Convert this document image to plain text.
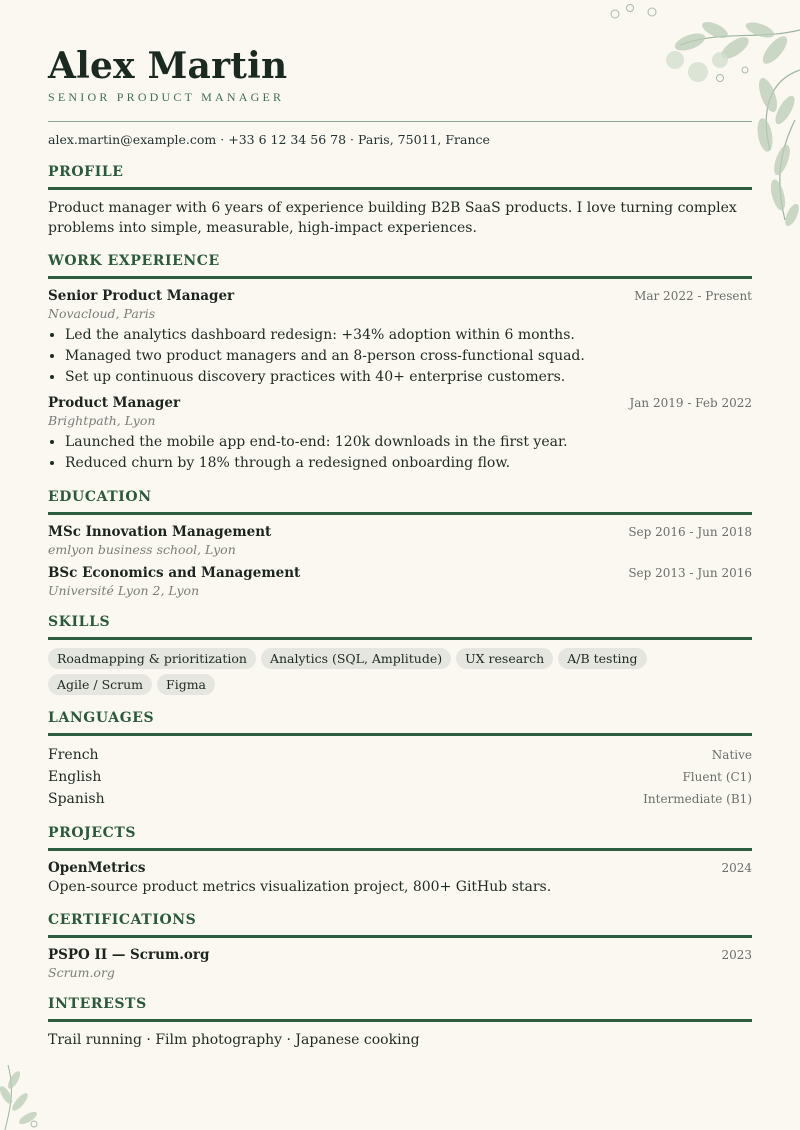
Alex Martin
SENIOR PRODUCT MANAGER
alex.martin@example.com · +33 6 12 34 56 78 · Paris, 75011, France
PROFILE
Product manager with 6 years of experience building B2B SaaS products. I love turning complex problems into simple, measurable, high-impact experiences.
WORK EXPERIENCE
Senior Product Manager	Mar 2022 - Present
Novacloud, Paris
• Led the analytics dashboard redesign: +34% adoption within 6 months.
• Managed two product managers and an 8-person cross-functional squad.
• Set up continuous discovery practices with 40+ enterprise customers.
Product Manager	Jan 2019 - Feb 2022
Brightpath, Lyon
• Launched the mobile app end-to-end: 120k downloads in the first year.
• Reduced churn by 18% through a redesigned onboarding flow.
EDUCATION
MSc Innovation Management	Sep 2016 - Jun 2018
emlyon business school, Lyon
BSc Economics and Management	Sep 2013 - Jun 2016
Université Lyon 2, Lyon
SKILLS
Roadmapping & prioritization	Analytics (SQL, Amplitude)	UX research	A/B testing
Agile / Scrum	Figma
LANGUAGES
French	Native
English	Fluent (C1)
Spanish	Intermediate (B1)
PROJECTS
OpenMetrics	2024
Open-source product metrics visualization project, 800+ GitHub stars.
CERTIFICATIONS
PSPO II — Scrum.org	2023
Scrum.org
INTERESTS
Trail running · Film photography · Japanese cooking
